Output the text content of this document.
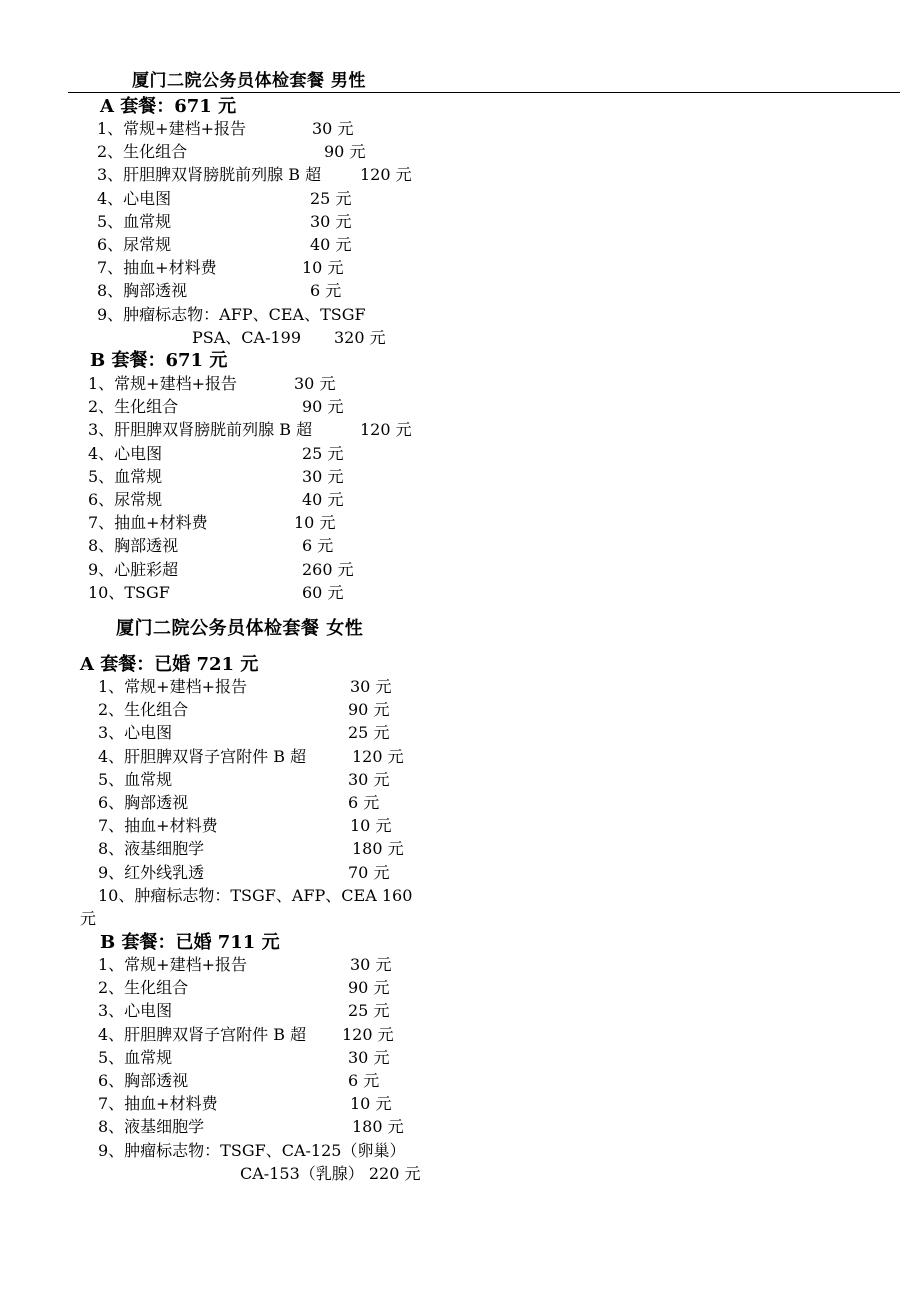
厦门二院公务员体检套餐 男性
A 套餐：671 元
1、常规+建档+报告	30 元
2、生化组合	90 元
3、肝胆脾双肾膀胱前列腺 B 超 120 元
4、心电图	25 元
5、血常规	30 元
6、尿常规	40 元
7、抽血+材料费	10 元
8、胸部透视	6 元
9、肿瘤标志物：AFP、CEA、TSGF
PSA、CA-199 320 元
B 套餐：671 元
1、常规+建档+报告	30 元
2、生化组合	90 元
3、肝胆脾双肾膀胱前列腺 B 超	120 元
4、心电图	25 元
5、血常规	30 元
6、尿常规	40 元
7、抽血+材料费	10 元
8、胸部透视	6 元
9、心脏彩超	260 元
10、TSGF	60 元
厦门二院公务员体检套餐 女性
A 套餐：已婚 721 元
1、常规+建档+报告	30 元
2、生化组合	90 元
3、心电图	25 元
4、肝胆脾双肾子宫附件 B 超	120 元
5、血常规	30 元
6、胸部透视	6 元
7、抽血+材料费	10 元
8、液基细胞学	180 元
9、红外线乳透	70 元
10、肿瘤标志物：TSGF、AFP、CEA 160
元
B 套餐：已婚 711 元
1、常规+建档+报告	30 元
2、生化组合	90 元
3、心电图	25 元
4、肝胆脾双肾子宫附件 B 超 120 元
5、血常规	30 元
6、胸部透视	6 元
7、抽血+材料费	10 元
8、液基细胞学	180 元
9、肿瘤标志物：TSGF、CA-125（卵巢）
CA-153（乳腺） 220 元
